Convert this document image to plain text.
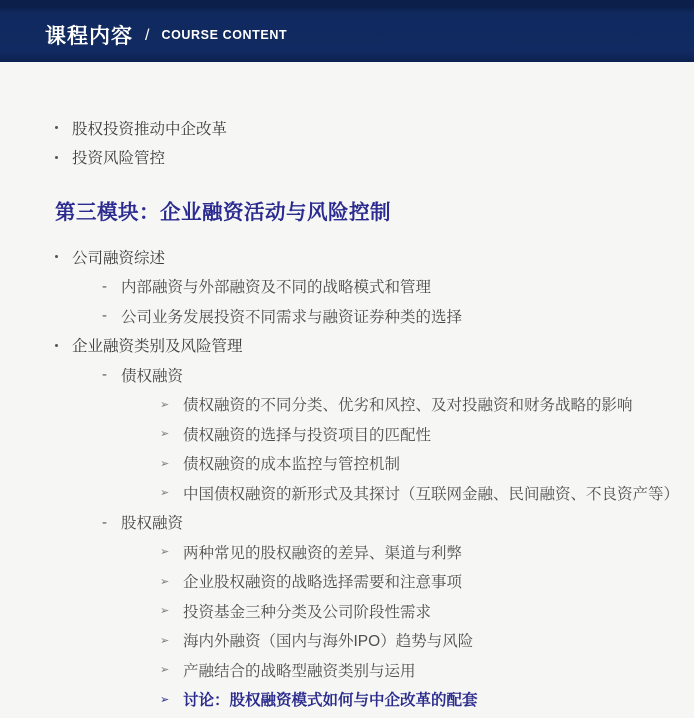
课程内容 / COURSE CONTENT
股权投资推动中企改革
投资风险管控
第三模块：企业融资活动与风险控制
公司融资综述
- 内部融资与外部融资及不同的战略模式和管理
- 公司业务发展投资不同需求与融资证券种类的选择
企业融资类别及风险管理
- 债权融资
➢ 债权融资的不同分类、优劣和风控、及对投融资和财务战略的影响
➢ 债权融资的选择与投资项目的匹配性
➢ 债权融资的成本监控与管控机制
➢ 中国债权融资的新形式及其探讨（互联网金融、民间融资、不良资产等）
- 股权融资
➢ 两种常见的股权融资的差异、渠道与利弊
➢ 企业股权融资的战略选择需要和注意事项
➢ 投资基金三种分类及公司阶段性需求
➢ 海内外融资（国内与海外IPO）趋势与风险
➢ 产融结合的战略型融资类别与运用
➢ 讨论：股权融资模式如何与中企改革的配套
